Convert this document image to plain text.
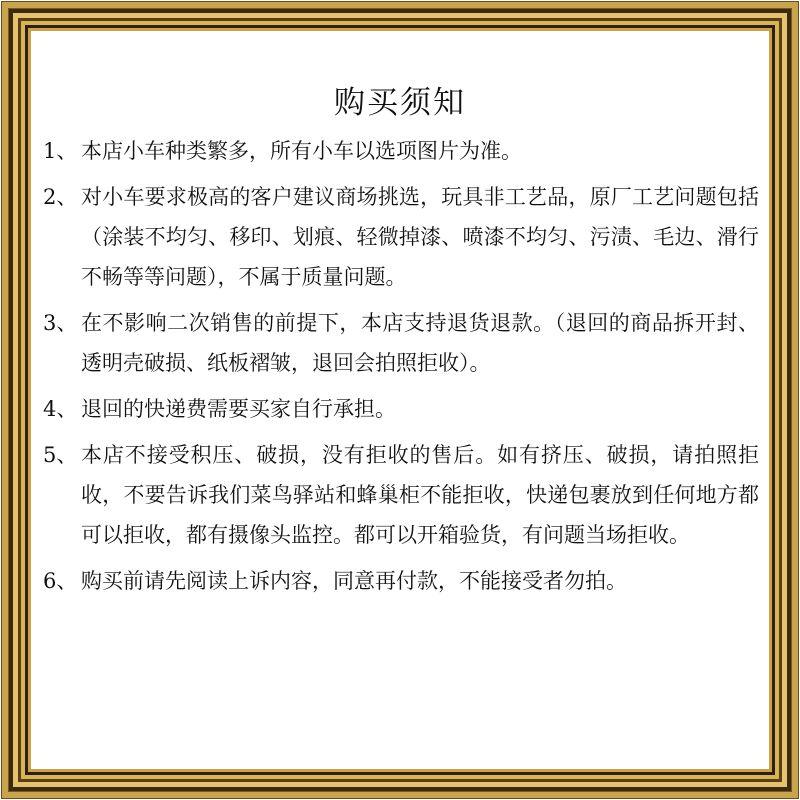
购买须知
1、 本店小车种类繁多，所有小车以选项图片为准。
2、 对小车要求极高的客户建议商场挑选，玩具非工艺品，原厂工艺问题包括（涂装不均匀、移印、划痕、轻微掉漆、喷漆不均匀、污渍、毛边、滑行不畅等等问题），不属于质量问题。
3、 在不影响二次销售的前提下，本店支持退货退款。（退回的商品拆开封、透明壳破损、纸板褶皱，退回会拍照拒收）。
4、 退回的快递费需要买家自行承担。
5、 本店不接受积压、破损，没有拒收的售后。如有挤压、破损，请拍照拒收，不要告诉我们菜鸟驿站和蜂巢柜不能拒收，快递包裹放到任何地方都可以拒收，都有摄像头监控。都可以开箱验货，有问题当场拒收。
6、 购买前请先阅读上诉内容，同意再付款，不能接受者勿拍。
